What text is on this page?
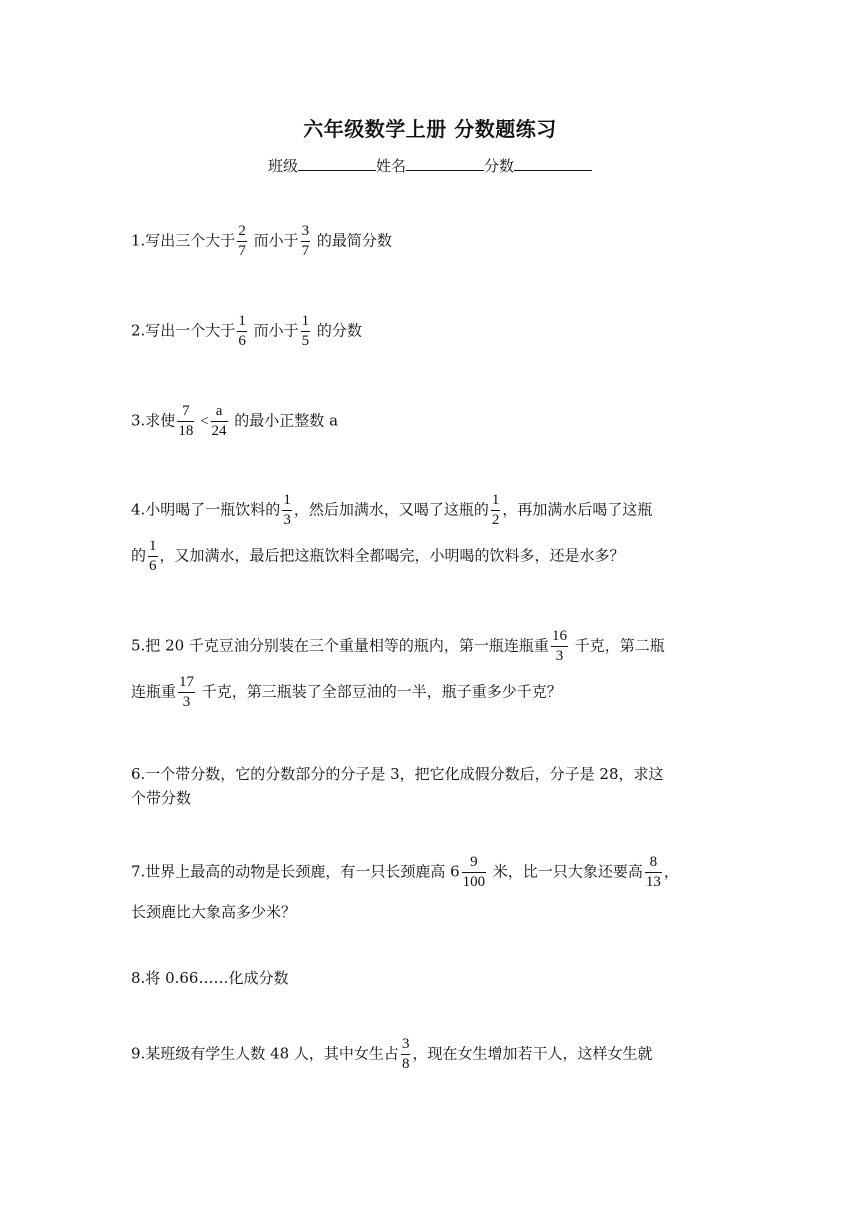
六年级数学上册 分数题练习
班级	姓名	分数
1.写出三个大于 $\frac{2}{7}$ 而小于 $\frac{3}{7}$ 的最简分数
2.写出一个大于 $\frac{1}{6}$ 而小于 $\frac{1}{5}$ 的分数
3.求使 $\frac{7}{18} < \frac{a}{24}$ 的最小正整数 a
4.小明喝了一瓶饮料的 $\frac{1}{3}$ ，然后加满水，又喝了这瓶的 $\frac{1}{2}$ ，再加满水后喝了这瓶
的 $\frac{1}{6}$ ，又加满水，最后把这瓶饮料全都喝完，小明喝的饮料多，还是水多？
5.把 20 千克豆油分别装在三个重量相等的瓶内，第一瓶连瓶重 $\frac{16}{3}$ 千克，第二瓶
连瓶重 $\frac{17}{3}$ 千克，第三瓶装了全部豆油的一半，瓶子重多少千克？
6.一个带分数，它的分数部分的分子是 3，把它化成假分数后，分子是 28，求这
个带分数
7.世界上最高的动物是长颈鹿，有一只长颈鹿高 $6 \frac{9}{100}$ 米，比一只大象还要高 $\frac{8}{13}$ ，
长颈鹿比大象高多少米？
8.将 0.66……化成分数
9.某班级有学生人数 48 人，其中女生占 $\frac{3}{8}$ ，现在女生增加若干人，这样女生就
